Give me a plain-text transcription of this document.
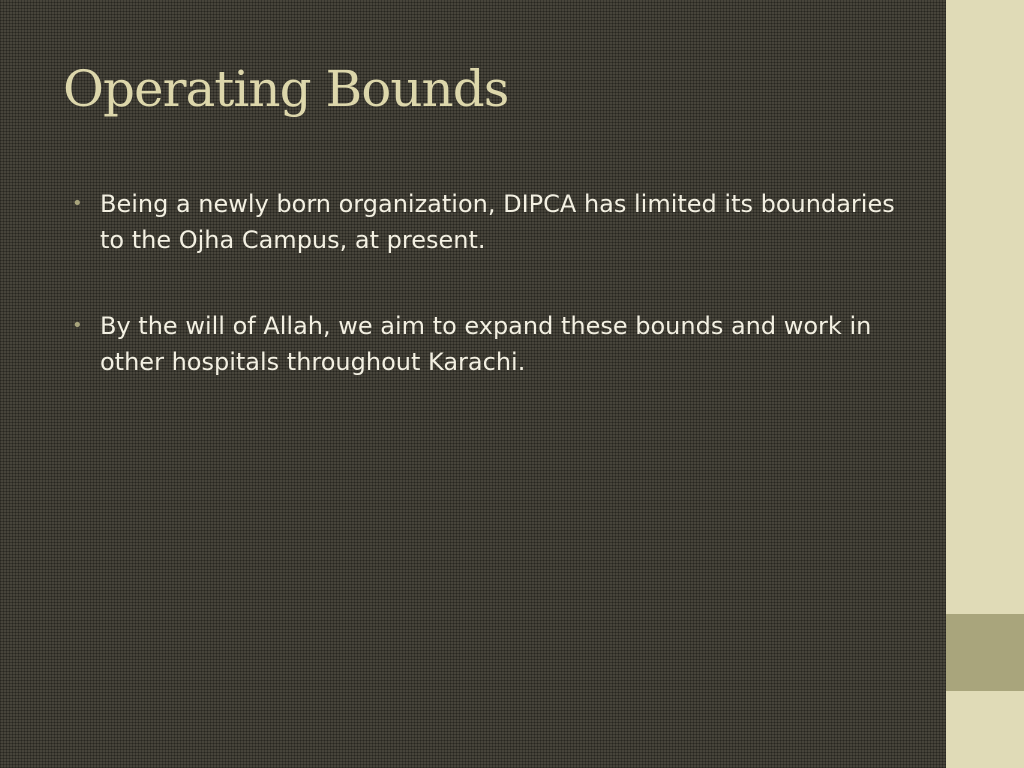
Operating Bounds
• Being a newly born organization, DIPCA has limited its boundaries to the Ojha Campus, at present.
• By the will of Allah, we aim to expand these bounds and work in other hospitals throughout Karachi.
